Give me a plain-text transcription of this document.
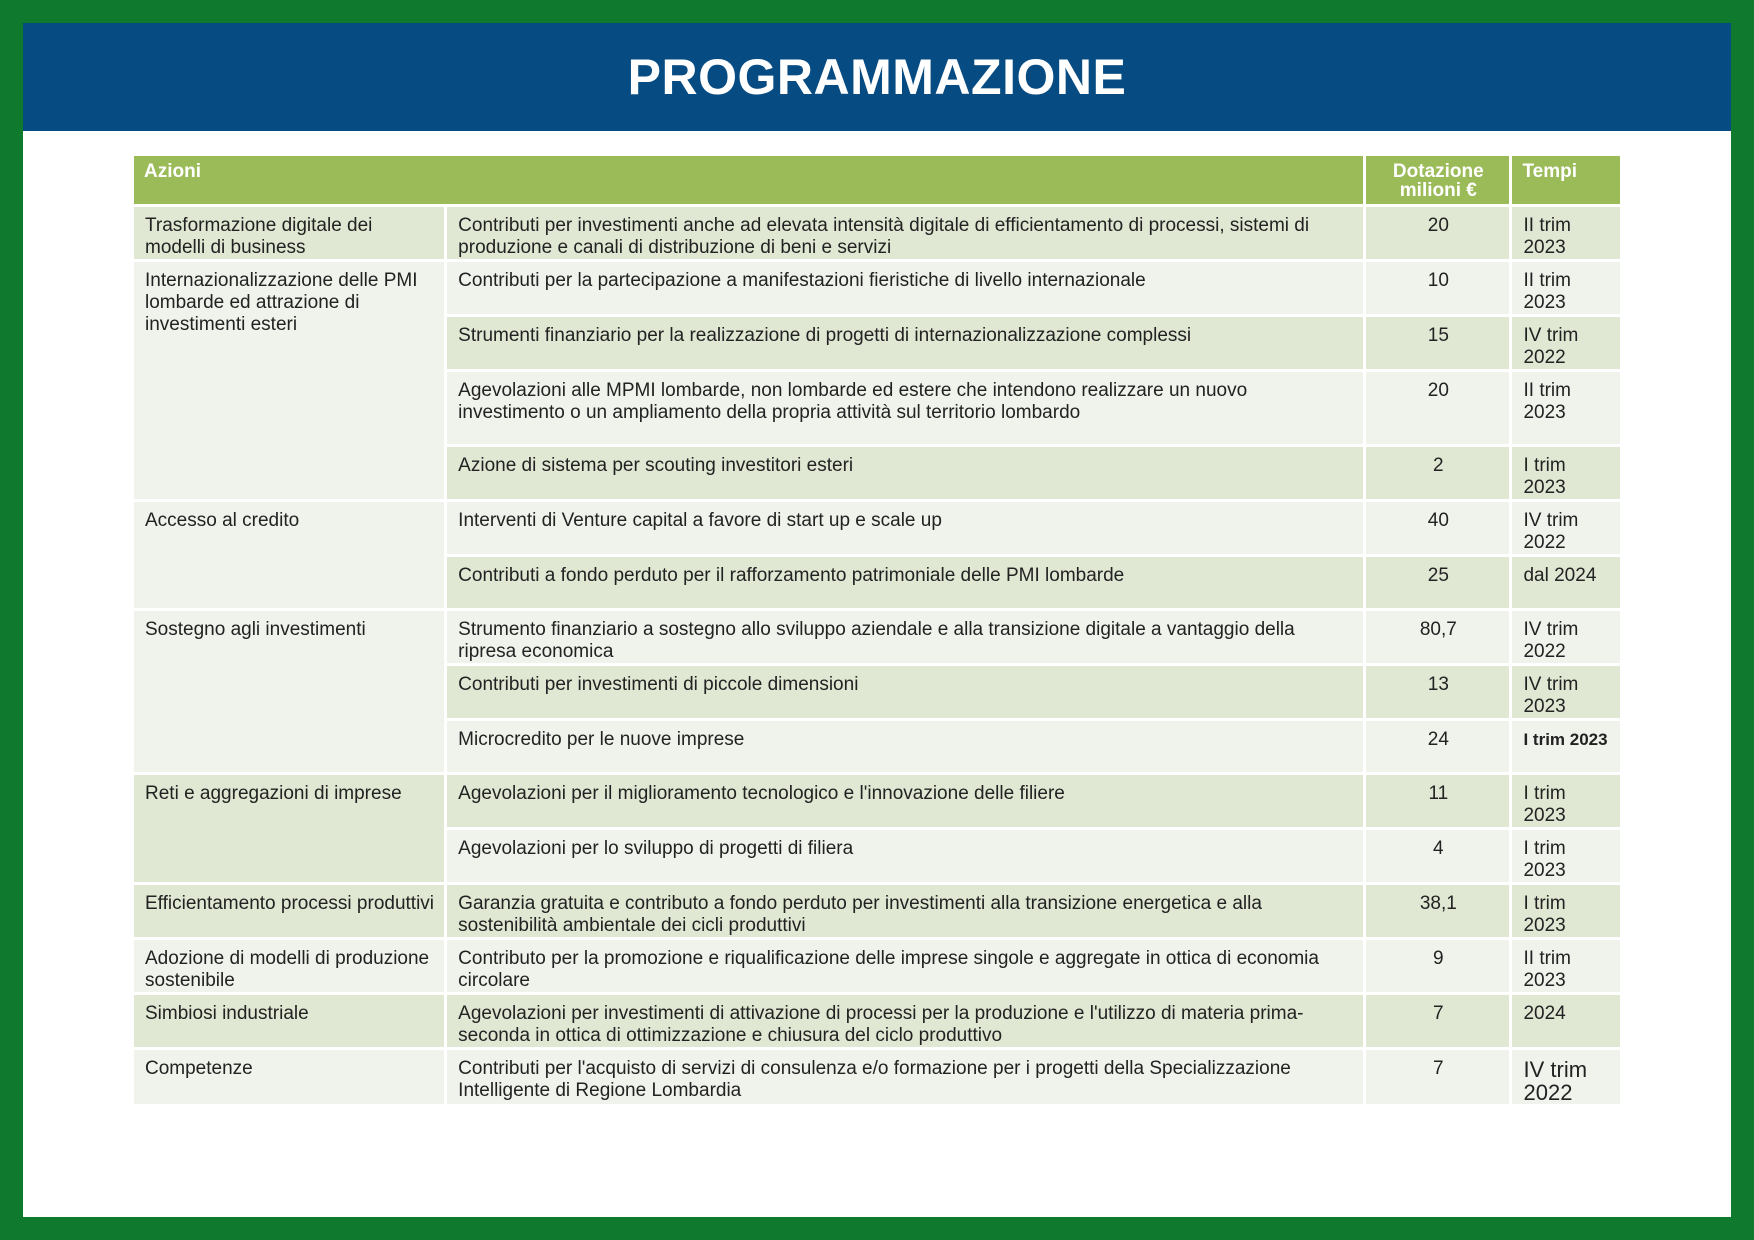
PROGRAMMAZIONE
Azioni		Dotazione milioni €	Tempi
Trasformazione digitale dei modelli di business	Contributi per investimenti anche ad elevata intensità digitale di efficientamento di processi, sistemi di produzione e canali di distribuzione di beni e servizi	20	II trim 2023
Internazionalizzazione delle PMI lombarde ed attrazione di investimenti esteri	Contributi per la partecipazione a manifestazioni fieristiche di livello internazionale	10	II trim 2023
	Strumenti finanziario per la realizzazione di progetti di internazionalizzazione complessi	15	IV trim 2022
	Agevolazioni alle MPMI lombarde, non lombarde ed estere che intendono realizzare un nuovo investimento o un ampliamento della propria attività sul territorio lombardo	20	II trim 2023
	Azione di sistema per scouting investitori esteri	2	I trim 2023
Accesso al credito	Interventi di Venture capital a favore di start up e scale up	40	IV trim 2022
	Contributi a fondo perduto per il rafforzamento patrimoniale delle PMI lombarde	25	dal 2024
Sostegno agli investimenti	Strumento finanziario a sostegno allo sviluppo aziendale e alla transizione digitale a vantaggio della ripresa economica	80,7	IV trim 2022
	Contributi per investimenti di piccole dimensioni	13	IV trim 2023
	Microcredito per le nuove imprese	24	I trim 2023
Reti e aggregazioni di imprese	Agevolazioni per il miglioramento tecnologico e l'innovazione delle filiere	11	I trim 2023
	Agevolazioni per lo sviluppo di progetti di filiera	4	I trim 2023
Efficientamento processi produttivi	Garanzia gratuita e contributo a fondo perduto per investimenti alla transizione energetica e alla sostenibilità ambientale dei cicli produttivi	38,1	I trim 2023
Adozione di modelli di produzione sostenibile	Contributo per la promozione e riqualificazione delle imprese singole e aggregate in ottica di economia circolare	9	II trim 2023
Simbiosi industriale	Agevolazioni per investimenti di attivazione di processi per la produzione e l'utilizzo di materia prima-seconda in ottica di ottimizzazione e chiusura del ciclo produttivo	7	2024
Competenze	Contributi per l'acquisto di servizi di consulenza e/o formazione per i progetti della Specializzazione Intelligente di Regione Lombardia	7	IV trim 2022
